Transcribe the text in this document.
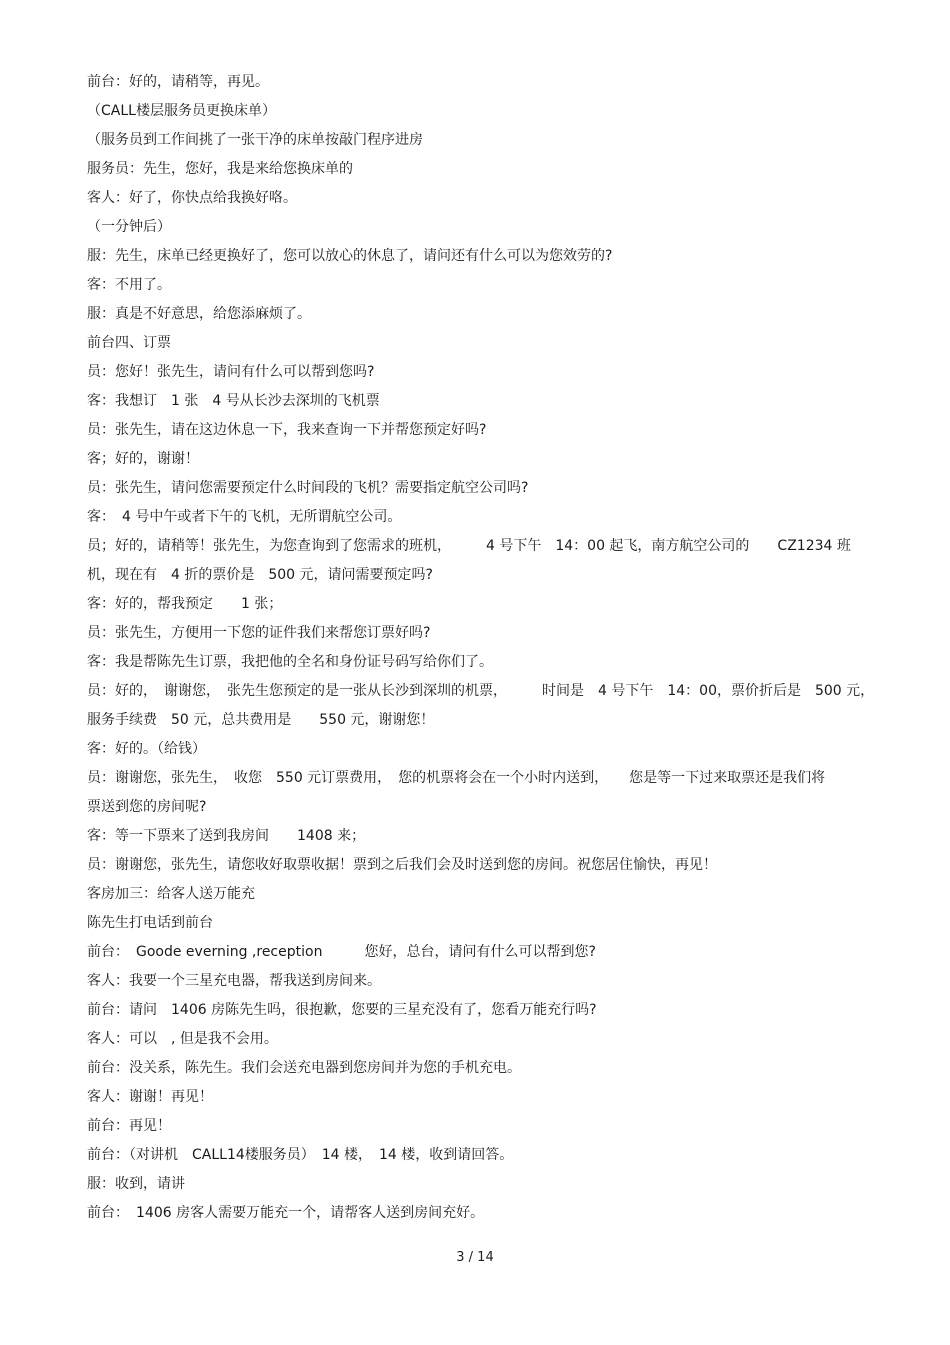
前台：好的，请稍等，再见。
（CALL楼层服务员更换床单）
（服务员到工作间挑了一张干净的床单按敲门程序进房
服务员：先生，您好，我是来给您换床单的
客人：好了，你快点给我换好咯。
（一分钟后）
服：先生，床单已经更换好了，您可以放心的休息了，请问还有什么可以为您效劳的?
客：不用了。
服：真是不好意思，给您添麻烦了。
前台四、订票
员：您好！张先生，请问有什么可以帮到您吗?
客：我想订　1 张　4 号从长沙去深圳的飞机票
员：张先生，请在这边休息一下，我来查询一下并帮您预定好吗?
客；好的，谢谢！
员：张先生，请问您需要预定什么时间段的飞机？需要指定航空公司吗?
客：　4 号中午或者下午的飞机，无所谓航空公司。
员；好的，请稍等！张先生，为您查询到了您需求的班机，　　　4 号下午　14：00 起飞，南方航空公司的　　CZ1234 班
机，现在有　4 折的票价是　500 元，请问需要预定吗?
客：好的，帮我预定　　1 张；
员：张先生，方便用一下您的证件我们来帮您订票好吗?
客：我是帮陈先生订票，我把他的全名和身份证号码写给你们了。
员：好的，　谢谢您，　张先生您预定的是一张从长沙到深圳的机票，　　　时间是　4 号下午　14：00，票价折后是　500 元，
服务手续费　50 元，总共费用是　　550 元，谢谢您！
客：好的。（给钱）
员：谢谢您，张先生，　收您　550 元订票费用，　您的机票将会在一个小时内送到，　　您是等一下过来取票还是我们将
票送到您的房间呢?
客：等一下票来了送到我房间　　1408 来；
员：谢谢您，张先生，请您收好取票收据！票到之后我们会及时送到您的房间。祝您居住愉快，再见！
客房加三：给客人送万能充
陈先生打电话到前台
前台：　Goode everning ,reception　　　您好，总台，请问有什么可以帮到您?
客人：我要一个三星充电器，帮我送到房间来。
前台：请问　1406 房陈先生吗，很抱歉，您要的三星充没有了，您看万能充行吗?
客人：可以　, 但是我不会用。
前台：没关系，陈先生。我们会送充电器到您房间并为您的手机充电。
客人：谢谢！再见！
前台：再见！
前台：（对讲机　CALL14楼服务员）　14 楼，　14 楼，收到请回答。
服：收到，请讲
前台：　1406 房客人需要万能充一个，请帮客人送到房间充好。
3 / 14
